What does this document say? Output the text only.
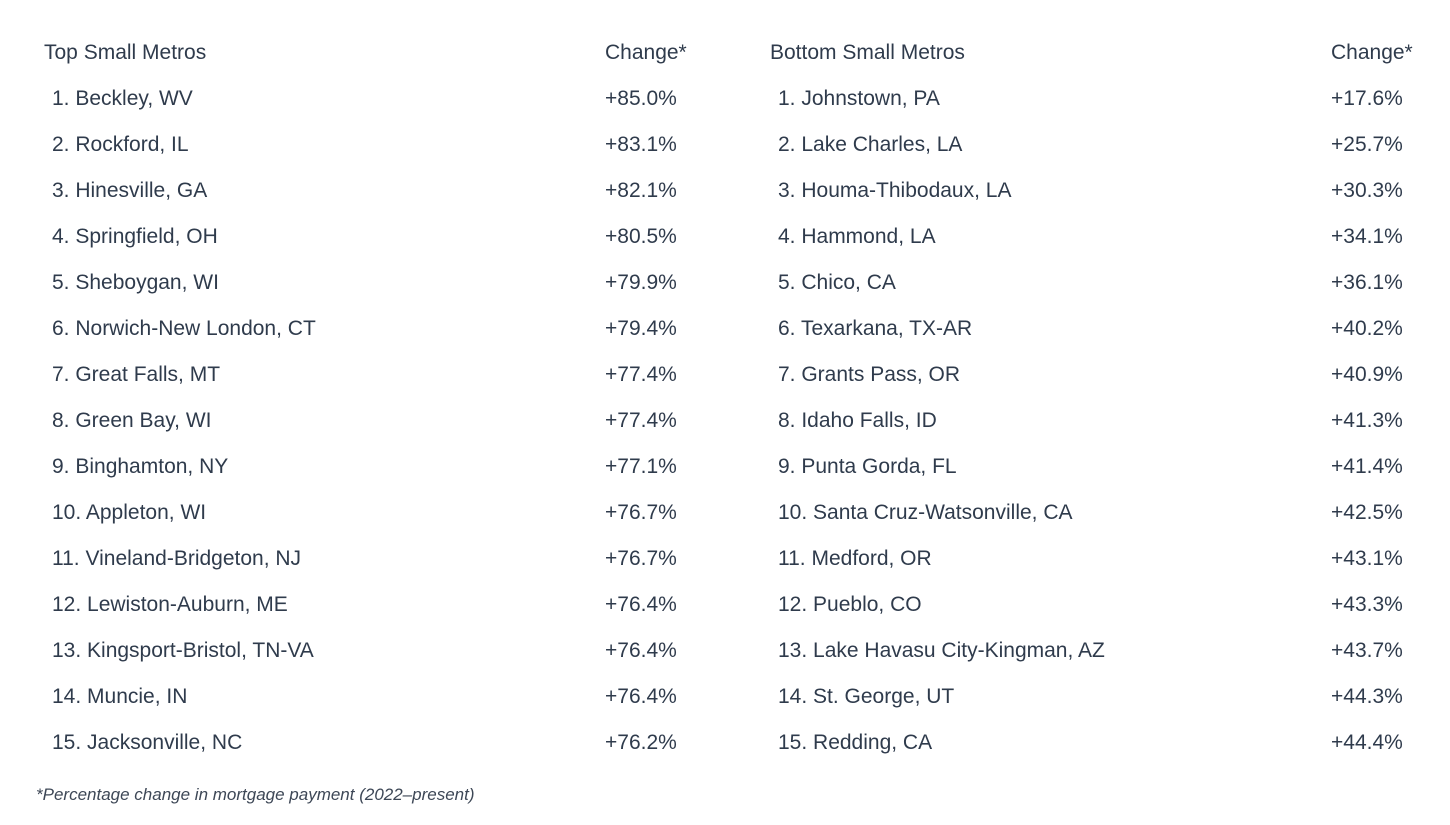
Top Small Metros	Change*
1. Beckley, WV	+85.0%
2. Rockford, IL	+83.1%
3. Hinesville, GA	+82.1%
4. Springfield, OH	+80.5%
5. Sheboygan, WI	+79.9%
6. Norwich-New London, CT	+79.4%
7. Great Falls, MT	+77.4%
8. Green Bay, WI	+77.4%
9. Binghamton, NY	+77.1%
10. Appleton, WI	+76.7%
11. Vineland-Bridgeton, NJ	+76.7%
12. Lewiston-Auburn, ME	+76.4%
13. Kingsport-Bristol, TN-VA	+76.4%
14. Muncie, IN	+76.4%
15. Jacksonville, NC	+76.2%
Bottom Small Metros	Change*
1. Johnstown, PA	+17.6%
2. Lake Charles, LA	+25.7%
3. Houma-Thibodaux, LA	+30.3%
4. Hammond, LA	+34.1%
5. Chico, CA	+36.1%
6. Texarkana, TX-AR	+40.2%
7. Grants Pass, OR	+40.9%
8. Idaho Falls, ID	+41.3%
9. Punta Gorda, FL	+41.4%
10. Santa Cruz-Watsonville, CA	+42.5%
11. Medford, OR	+43.1%
12. Pueblo, CO	+43.3%
13. Lake Havasu City-Kingman, AZ	+43.7%
14. St. George, UT	+44.3%
15. Redding, CA	+44.4%
*Percentage change in mortgage payment (2022–present)
